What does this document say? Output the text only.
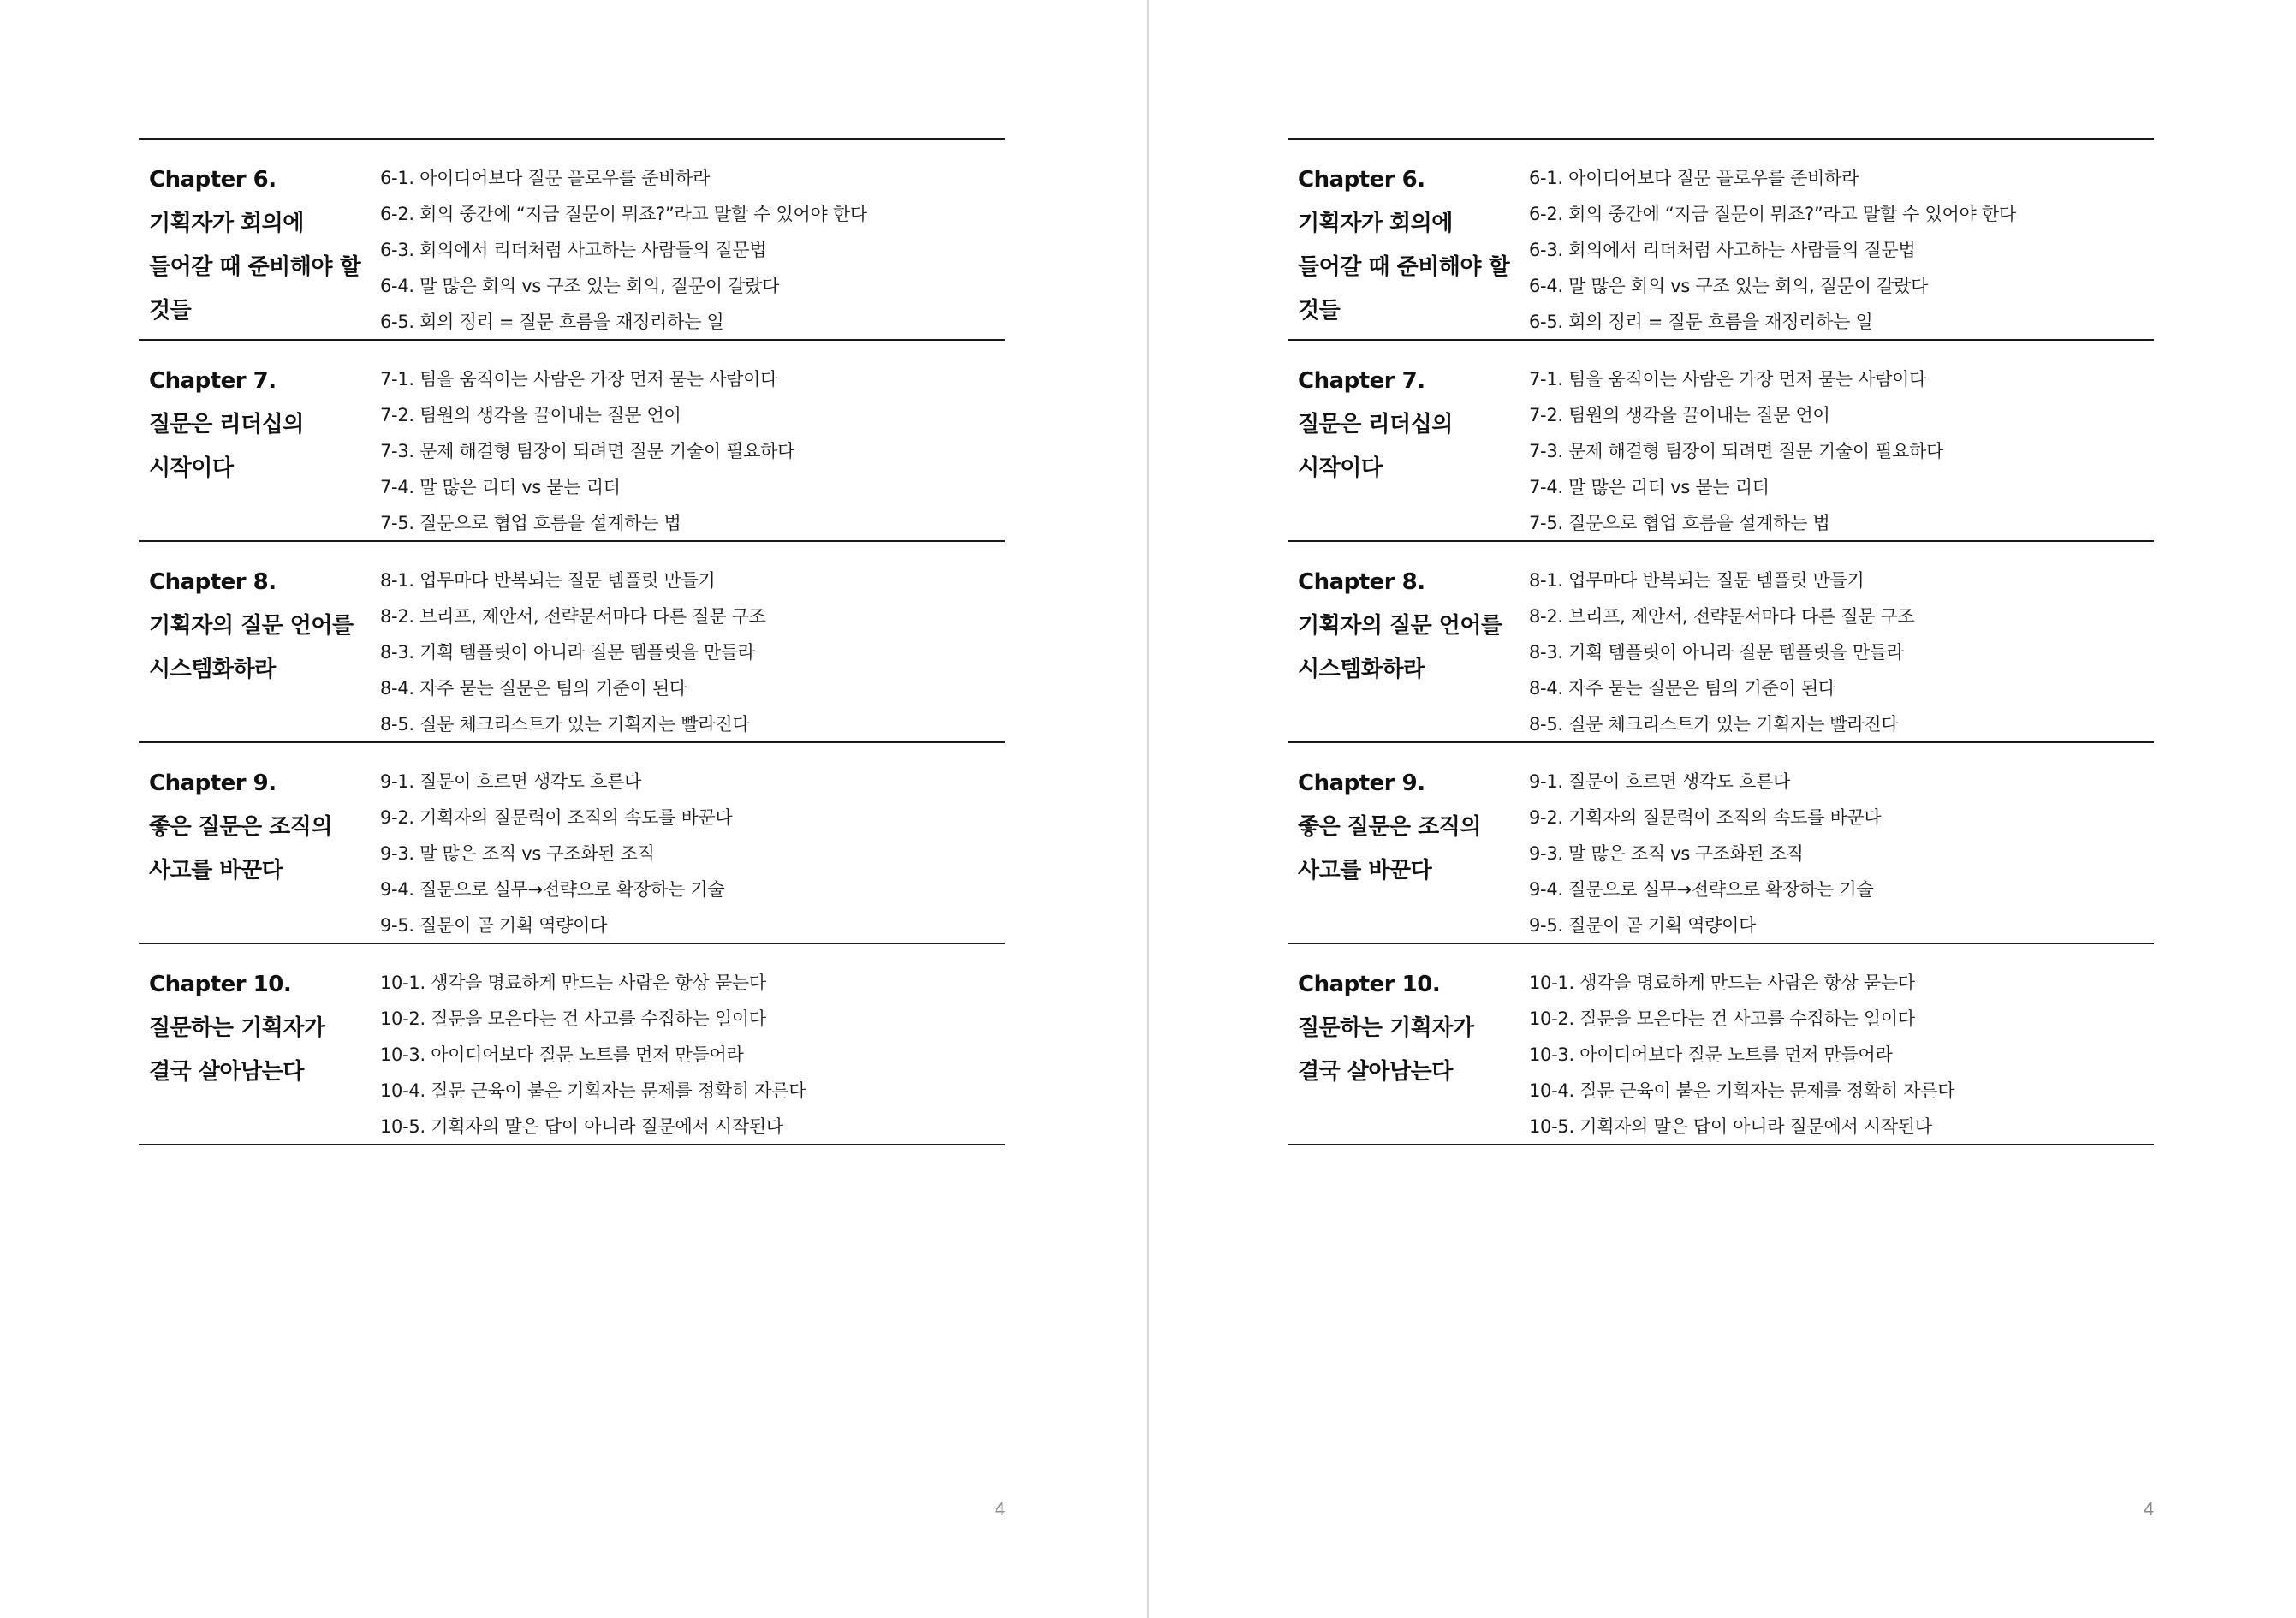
Chapter 6.
기획자가 회의에
들어갈 때 준비해야 할
것들
6-1. 아이디어보다 질문 플로우를 준비하라
6-2. 회의 중간에 “지금 질문이 뭐죠?”라고 말할 수 있어야 한다
6-3. 회의에서 리더처럼 사고하는 사람들의 질문법
6-4. 말 많은 회의 vs 구조 있는 회의, 질문이 갈랐다
6-5. 회의 정리 = 질문 흐름을 재정리하는 일
Chapter 7.
질문은 리더십의
시작이다
7-1. 팀을 움직이는 사람은 가장 먼저 묻는 사람이다
7-2. 팀원의 생각을 끌어내는 질문 언어
7-3. 문제 해결형 팀장이 되려면 질문 기술이 필요하다
7-4. 말 많은 리더 vs 묻는 리더
7-5. 질문으로 협업 흐름을 설계하는 법
Chapter 8.
기획자의 질문 언어를
시스템화하라
8-1. 업무마다 반복되는 질문 템플릿 만들기
8-2. 브리프, 제안서, 전략문서마다 다른 질문 구조
8-3. 기획 템플릿이 아니라 질문 템플릿을 만들라
8-4. 자주 묻는 질문은 팀의 기준이 된다
8-5. 질문 체크리스트가 있는 기획자는 빨라진다
Chapter 9.
좋은 질문은 조직의
사고를 바꾼다
9-1. 질문이 흐르면 생각도 흐른다
9-2. 기획자의 질문력이 조직의 속도를 바꾼다
9-3. 말 많은 조직 vs 구조화된 조직
9-4. 질문으로 실무→전략으로 확장하는 기술
9-5. 질문이 곧 기획 역량이다
Chapter 10.
질문하는 기획자가
결국 살아남는다
10-1. 생각을 명료하게 만드는 사람은 항상 묻는다
10-2. 질문을 모은다는 건 사고를 수집하는 일이다
10-3. 아이디어보다 질문 노트를 먼저 만들어라
10-4. 질문 근육이 붙은 기획자는 문제를 정확히 자른다
10-5. 기획자의 말은 답이 아니라 질문에서 시작된다
4
Chapter 6.
기획자가 회의에
들어갈 때 준비해야 할
것들
6-1. 아이디어보다 질문 플로우를 준비하라
6-2. 회의 중간에 “지금 질문이 뭐죠?”라고 말할 수 있어야 한다
6-3. 회의에서 리더처럼 사고하는 사람들의 질문법
6-4. 말 많은 회의 vs 구조 있는 회의, 질문이 갈랐다
6-5. 회의 정리 = 질문 흐름을 재정리하는 일
Chapter 7.
질문은 리더십의
시작이다
7-1. 팀을 움직이는 사람은 가장 먼저 묻는 사람이다
7-2. 팀원의 생각을 끌어내는 질문 언어
7-3. 문제 해결형 팀장이 되려면 질문 기술이 필요하다
7-4. 말 많은 리더 vs 묻는 리더
7-5. 질문으로 협업 흐름을 설계하는 법
Chapter 8.
기획자의 질문 언어를
시스템화하라
8-1. 업무마다 반복되는 질문 템플릿 만들기
8-2. 브리프, 제안서, 전략문서마다 다른 질문 구조
8-3. 기획 템플릿이 아니라 질문 템플릿을 만들라
8-4. 자주 묻는 질문은 팀의 기준이 된다
8-5. 질문 체크리스트가 있는 기획자는 빨라진다
Chapter 9.
좋은 질문은 조직의
사고를 바꾼다
9-1. 질문이 흐르면 생각도 흐른다
9-2. 기획자의 질문력이 조직의 속도를 바꾼다
9-3. 말 많은 조직 vs 구조화된 조직
9-4. 질문으로 실무→전략으로 확장하는 기술
9-5. 질문이 곧 기획 역량이다
Chapter 10.
질문하는 기획자가
결국 살아남는다
10-1. 생각을 명료하게 만드는 사람은 항상 묻는다
10-2. 질문을 모은다는 건 사고를 수집하는 일이다
10-3. 아이디어보다 질문 노트를 먼저 만들어라
10-4. 질문 근육이 붙은 기획자는 문제를 정확히 자른다
10-5. 기획자의 말은 답이 아니라 질문에서 시작된다
4
